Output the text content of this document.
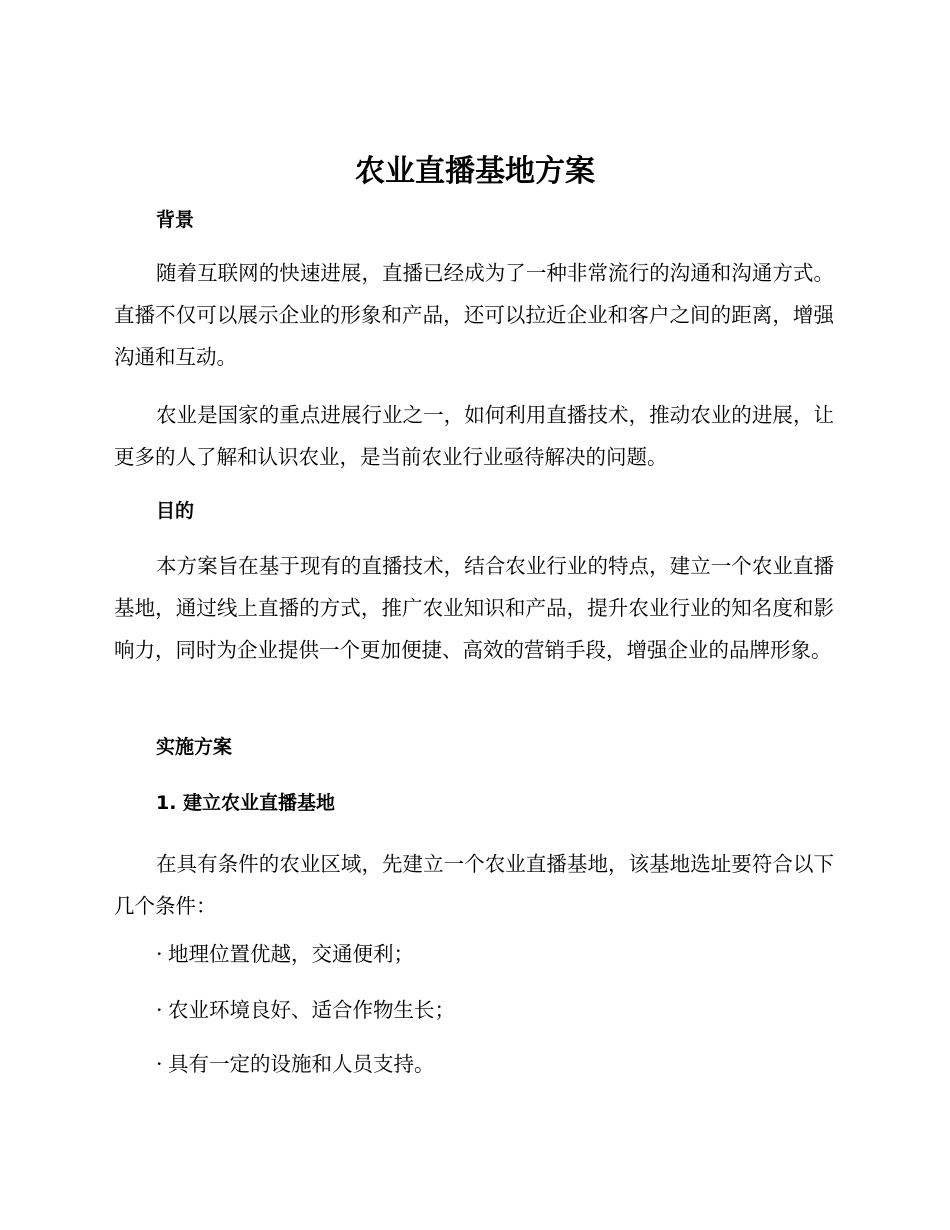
农业直播基地方案
背景

随着互联网的快速进展，直播已经成为了一种非常流行的沟通和沟通方式。直播不仅可以展示企业的形象和产品，还可以拉近企业和客户之间的距离，增强沟通和互动。

农业是国家的重点进展行业之一，如何利用直播技术，推动农业的进展，让更多的人了解和认识农业，是当前农业行业亟待解决的问题。

目的

本方案旨在基于现有的直播技术，结合农业行业的特点，建立一个农业直播基地，通过线上直播的方式，推广农业知识和产品，提升农业行业的知名度和影响力，同时为企业提供一个更加便捷、高效的营销手段，增强企业的品牌形象。

实施方案
1. 建立农业直播基地

在具有条件的农业区域，先建立一个农业直播基地，该基地选址要符合以下几个条件：

· 地理位置优越，交通便利；
· 农业环境良好、适合作物生长；
· 具有一定的设施和人员支持。
